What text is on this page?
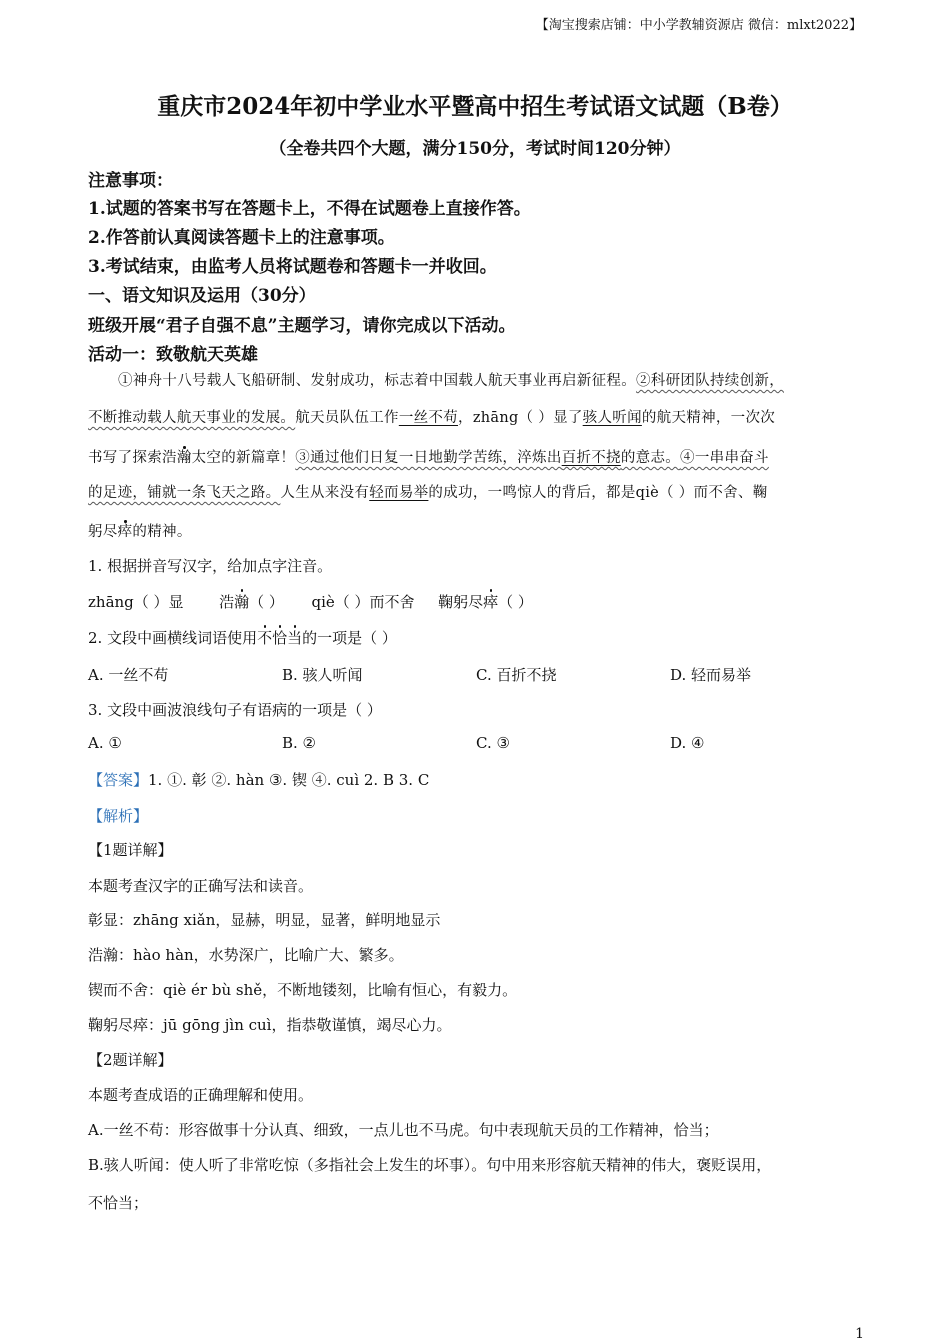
【淘宝搜索店铺：中小学教辅资源店 微信：mlxt2022】
重庆市2024年初中学业水平暨高中招生考试语文试题（B卷）
（全卷共四个大题，满分150分，考试时间120分钟）
注意事项：
1.试题的答案书写在答题卡上，不得在试题卷上直接作答。
2.作答前认真阅读答题卡上的注意事项。
3.考试结束，由监考人员将试题卷和答题卡一并收回。
一、语文知识及运用（30分）
班级开展“君子自强不息”主题学习，请你完成以下活动。
活动一：致敬航天英雄
①神舟十八号载人飞船研制、发射成功，标志着中国载人航天事业再启新征程。②科研团队持续创新，
不断推动载人航天事业的发展。航天员队伍工作一丝不苟，zhāng（ ）显了骇人听闻的航天精神，一次次
书写了探索浩瀚太空的新篇章！③通过他们日复一日地勤学苦练，淬炼出百折不挠的意志。④一串串奋斗
的足迹，铺就一条飞天之路。人生从来没有轻而易举的成功，一鸣惊人的背后，都是qiè（ ）而不舍、鞠
躬尽瘁的精神。
1. 根据拼音写汉字，给加点字注音。
zhāng（ ）显 浩瀚（ ） qiè（ ）而不舍 鞠躬尽瘁（ ）
2. 文段中画横线词语使用不恰当的一项是（ ）
A. 一丝不苟	B. 骇人听闻	C. 百折不挠	D. 轻而易举
3. 文段中画波浪线句子有语病的一项是（ ）
A. ①	B. ②	C. ③	D. ④
【答案】1. ①. 彰 ②. hàn ③. 锲 ④. cuì 2. B 3. C
【解析】
【1题详解】
本题考查汉字的正确写法和读音。
彰显：zhāng xiǎn，显赫，明显，显著，鲜明地显示
浩瀚：hào hàn，水势深广，比喻广大、繁多。
锲而不舍：qiè ér bù shě，不断地镂刻，比喻有恒心，有毅力。
鞠躬尽瘁：jū gōng jìn cuì，指恭敬谨慎，竭尽心力。
【2题详解】
本题考查成语的正确理解和使用。
A.一丝不苟：形容做事十分认真、细致，一点儿也不马虎。句中表现航天员的工作精神，恰当；
B.骇人听闻：使人听了非常吃惊（多指社会上发生的坏事）。句中用来形容航天精神的伟大，褒贬误用，
不恰当；
1
